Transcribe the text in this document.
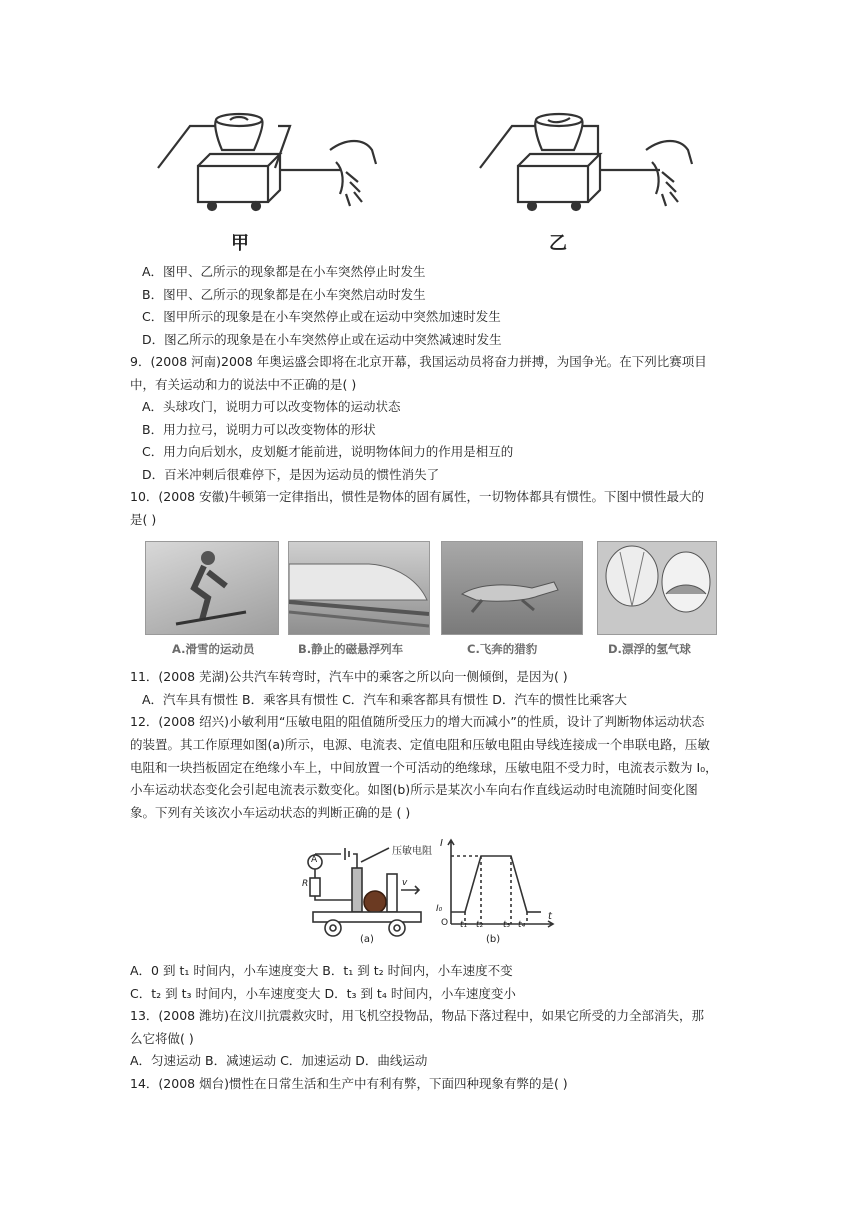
甲	乙
A．图甲、乙所示的现象都是在小车突然停止时发生
B．图甲、乙所示的现象都是在小车突然启动时发生
C．图甲所示的现象是在小车突然停止或在运动中突然加速时发生
D．图乙所示的现象是在小车突然停止或在运动中突然减速时发生
9．(2008 河南)2008 年奥运盛会即将在北京开幕，我国运动员将奋力拼搏，为国争光。在下列比赛项目
中，有关运动和力的说法中不正确的是( )
A．头球攻门，说明力可以改变物体的运动状态
B．用力拉弓，说明力可以改变物体的形状
C．用力向后划水，皮划艇才能前进，说明物体间力的作用是相互的
D．百米冲刺后很难停下，是因为运动员的惯性消失了
10．(2008 安徽)牛顿第一定律指出，惯性是物体的固有属性，一切物体都具有惯性。下图中惯性最大的
是( )
A.滑雪的运动员	B.静止的磁悬浮列车	C.飞奔的猎豹	D.漂浮的氢气球
11．(2008 芜湖)公共汽车转弯时，汽车中的乘客之所以向一侧倾倒，是因为( )
A．汽车具有惯性 B．乘客具有惯性 C．汽车和乘客都具有惯性 D．汽车的惯性比乘客大
12．(2008 绍兴)小敏利用“压敏电阻的阻值随所受压力的增大而减小”的性质，设计了判断物体运动状态
的装置。其工作原理如图(a)所示，电源、电流表、定值电阻和压敏电阻由导线连接成一个串联电路，压敏
电阻和一块挡板固定在绝缘小车上，中间放置一个可活动的绝缘球，压敏电阻不受力时，电流表示数为 I₀，
小车运动状态变化会引起电流表示数变化。如图(b)所示是某次小车向右作直线运动时电流随时间变化图
象。下列有关该次小车运动状态的判断正确的是 ( )
压敏电阻
A
R	v
I
I₀
O
t
t₁ t₂ t₃ t₄
(a)	(b)
A．0 到 t₁ 时间内，小车速度变大 B．t₁ 到 t₂ 时间内，小车速度不变
C．t₂ 到 t₃ 时间内，小车速度变大 D．t₃ 到 t₄ 时间内，小车速度变小
13．(2008 潍坊)在汶川抗震救灾时，用飞机空投物品，物品下落过程中，如果它所受的力全部消失，那
么它将做( )
A．匀速运动 B．减速运动 C．加速运动 D．曲线运动
14．(2008 烟台)惯性在日常生活和生产中有利有弊，下面四种现象有弊的是( )
